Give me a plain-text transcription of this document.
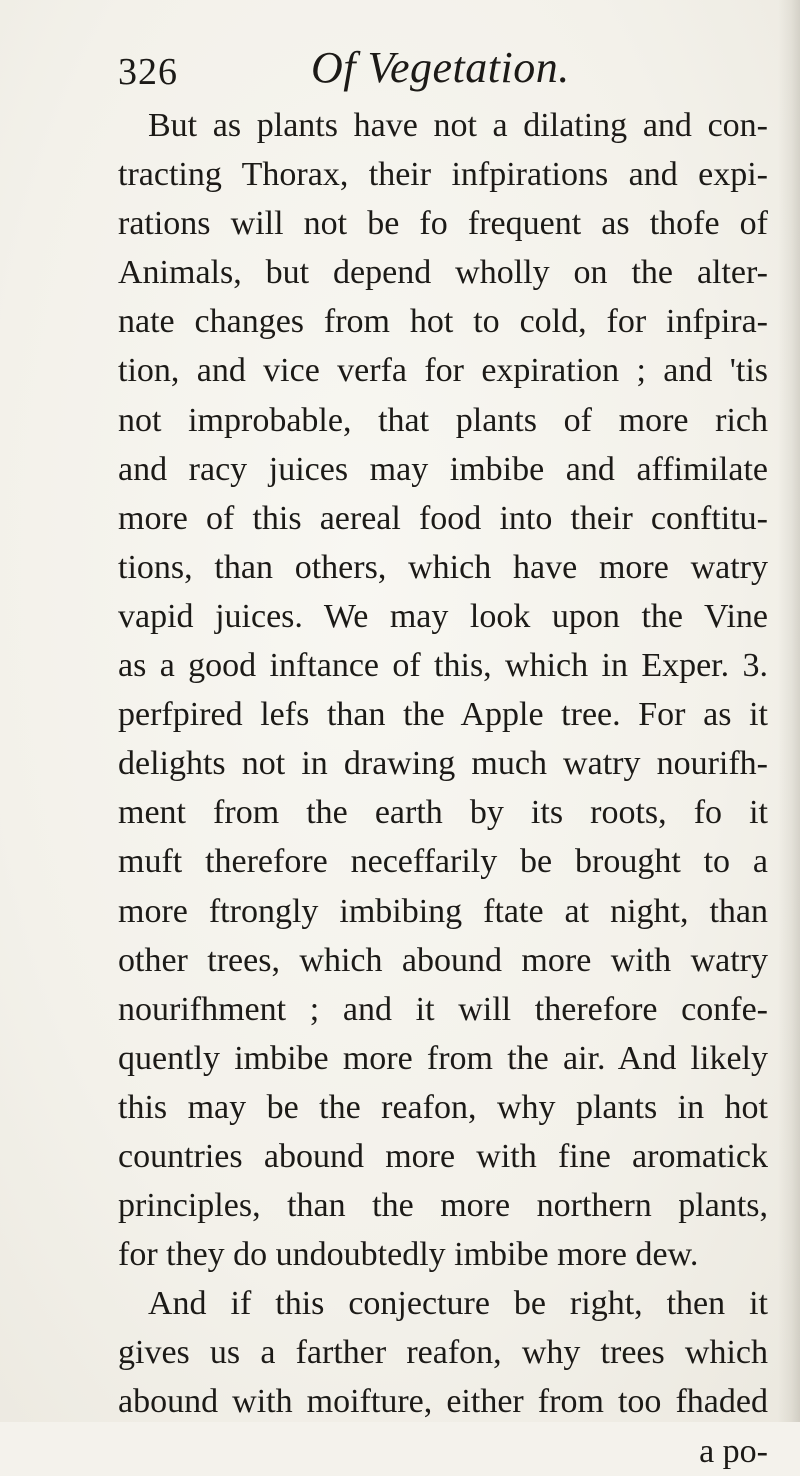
326	Of Vegetation.
But as plants have not a dilating and con-
tracting Thorax, their infpirations and expi-
rations will not be fo frequent as thofe of
Animals, but depend wholly on the alter-
nate changes from hot to cold, for infpira-
tion, and vice verfa for expiration ; and 'tis
not improbable, that plants of more rich
and racy juices may imbibe and affimilate
more of this aereal food into their conftitu-
tions, than others, which have more watry
vapid juices. We may look upon the Vine
as a good inftance of this, which in Exper. 3.
perfpired lefs than the Apple tree. For as it
delights not in drawing much watry nourifh-
ment from the earth by its roots, fo it
muft therefore neceffarily be brought to a
more ftrongly imbibing ftate at night, than
other trees, which abound more with watry
nourifhment ; and it will therefore confe-
quently imbibe more from the air. And likely
this may be the reafon, why plants in hot
countries abound more with fine aromatick
principles, than the more northern plants,
for they do undoubtedly imbibe more dew.
And if this conjecture be right, then it
gives us a farther reafon, why trees which
abound with moifture, either from too fhaded
a po-
